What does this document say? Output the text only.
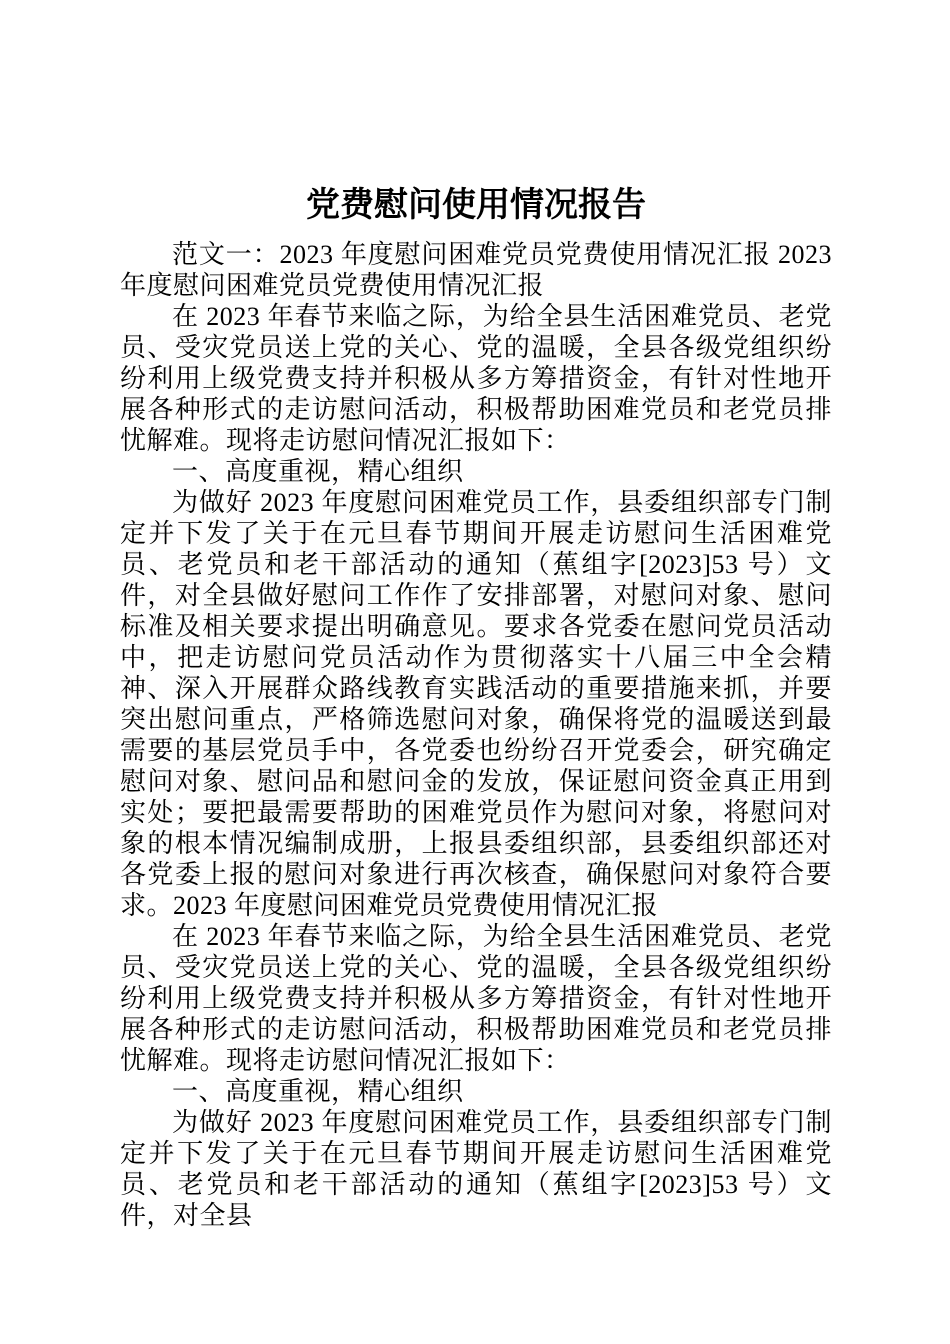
党费慰问使用情况报告

范文一：2023 年度慰问困难党员党费使用情况汇报 2023 年度慰问困难党员党费使用情况汇报

在 2023 年春节来临之际，为给全县生活困难党员、老党员、受灾党员送上党的关心、党的温暖，全县各级党组织纷纷利用上级党费支持并积极从多方筹措资金，有针对性地开展各种形式的走访慰问活动，积极帮助困难党员和老党员排忧解难。现将走访慰问情况汇报如下：

一、高度重视，精心组织

为做好 2023 年度慰问困难党员工作，县委组织部专门制定并下发了关于在元旦春节期间开展走访慰问生活困难党员、老党员和老干部活动的通知（蕉组字[2023]53 号）文件，对全县做好慰问工作作了安排部署，对慰问对象、慰问标准及相关要求提出明确意见。要求各党委在慰问党员活动中，把走访慰问党员活动作为贯彻落实十八届三中全会精神、深入开展群众路线教育实践活动的重要措施来抓，并要突出慰问重点，严格筛选慰问对象，确保将党的温暖送到最需要的基层党员手中，各党委也纷纷召开党委会，研究确定慰问对象、慰问品和慰问金的发放，保证慰问资金真正用到实处；要把最需要帮助的困难党员作为慰问对象，将慰问对象的根本情况编制成册，上报县委组织部，县委组织部还对各党委上报的慰问对象进行再次核查，确保慰问对象符合要求。2023 年度慰问困难党员党费使用情况汇报

在 2023 年春节来临之际，为给全县生活困难党员、老党员、受灾党员送上党的关心、党的温暖，全县各级党组织纷纷利用上级党费支持并积极从多方筹措资金，有针对性地开展各种形式的走访慰问活动，积极帮助困难党员和老党员排忧解难。现将走访慰问情况汇报如下：

一、高度重视，精心组织

为做好 2023 年度慰问困难党员工作，县委组织部专门制定并下发了关于在元旦春节期间开展走访慰问生活困难党员、老党员和老干部活动的通知（蕉组字[2023]53 号）文件，对全县
